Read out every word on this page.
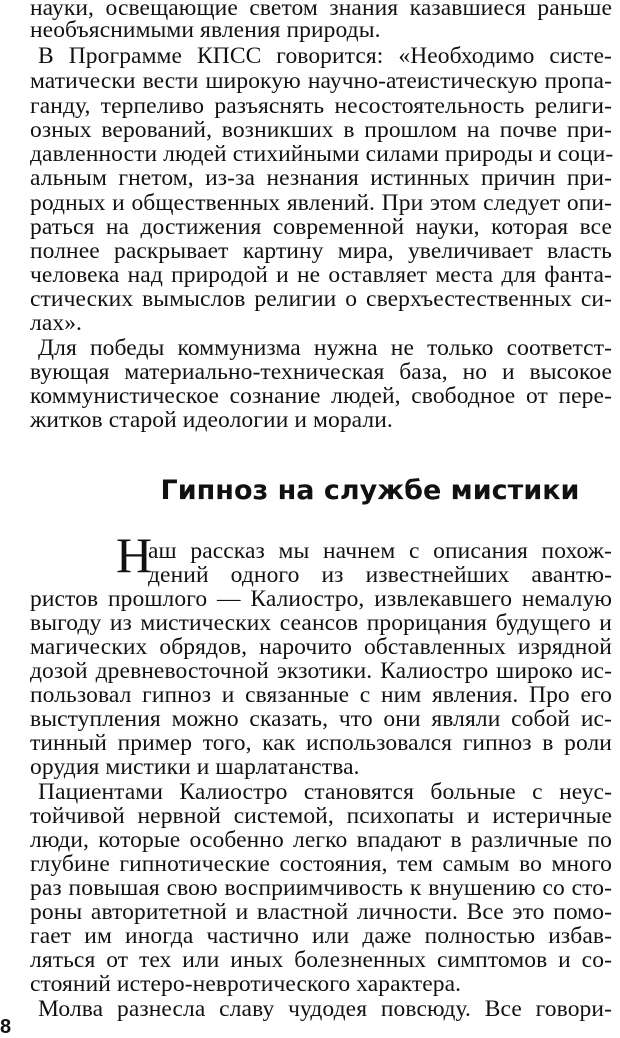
науки, освещающие светом знания казавшиеся раньше
необъяснимыми явления природы.
В Программе КПСС говорится: «Необходимо систе-
матически вести широкую научно-атеистическую пропа-
ганду, терпеливо разъяснять несостоятельность религи-
озных верований, возникших в прошлом на почве при-
давленности людей стихийными силами природы и соци-
альным гнетом, из-за незнания истинных причин при-
родных и общественных явлений. При этом следует опи-
раться на достижения современной науки, которая все
полнее раскрывает картину мира, увеличивает власть
человека над природой и не оставляет места для фанта-
стических вымыслов религии о сверхъестественных си-
лах».
Для победы коммунизма нужна не только соответст-
вующая материально-техническая база, но и высокое
коммунистическое сознание людей, свободное от пере-
житков старой идеологии и морали.
Гипноз на службе мистики
Н
аш рассказ мы начнем с описания похож-
дений одного из известнейших авантю-
ристов прошлого — Калиостро, извлекавшего немалую
выгоду из мистических сеансов прорицания будущего и
магических обрядов, нарочито обставленных изрядной
дозой древневосточной экзотики. Калиостро широко ис-
пользовал гипноз и связанные с ним явления. Про его
выступления можно сказать, что они являли собой ис-
тинный пример того, как использовался гипноз в роли
орудия мистики и шарлатанства.
Пациентами Калиостро становятся больные с неус-
тойчивой нервной системой, психопаты и истеричные
люди, которые особенно легко впадают в различные по
глубине гипнотические состояния, тем самым во много
раз повышая свою восприимчивость к внушению со сто-
роны авторитетной и властной личности. Все это помо-
гает им иногда частично или даже полностью избав-
ляться от тех или иных болезненных симптомов и со-
стояний истеро-невротического характера.
Молва разнесла славу чудодея повсюду. Все говори-
8
